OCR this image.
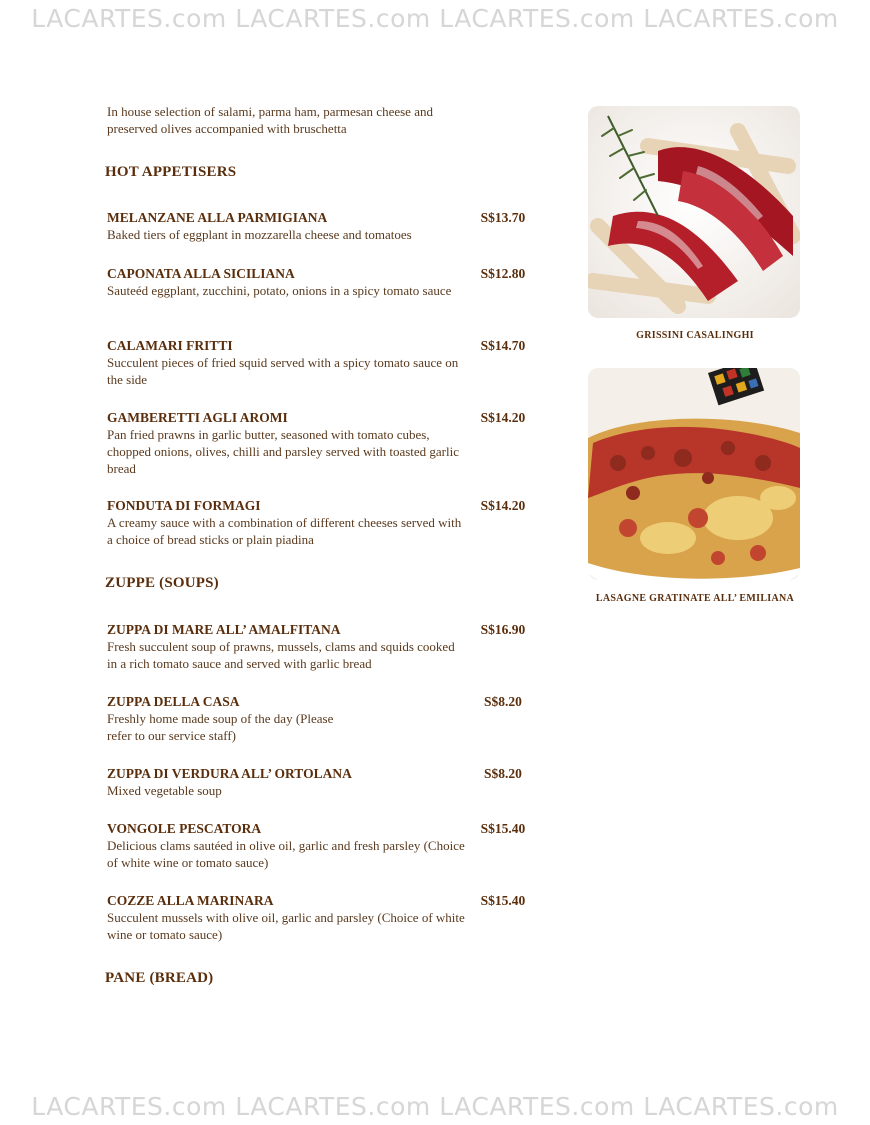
LACARTES.com LACARTES.com LACARTES.com LACARTES.com
In house selection of salami, parma ham, parmesan cheese and preserved olives accompanied with bruschetta
HOT APPETISERS
MELANZANE ALLA PARMIGIANA	S$13.70
Baked tiers of eggplant in mozzarella cheese and tomatoes
CAPONATA ALLA SICILIANA	S$12.80
Sauteéd eggplant, zucchini, potato, onions in a spicy tomato sauce
CALAMARI FRITTI	S$14.70
Succulent pieces of fried squid served with a spicy tomato sauce on the side
GAMBERETTI AGLI AROMI	S$14.20
Pan fried prawns in garlic butter, seasoned with tomato cubes, chopped onions, olives, chilli and parsley served with toasted garlic bread
FONDUTA DI FORMAGI	S$14.20
A creamy sauce with a combination of different cheeses served with a choice of bread sticks or plain piadina
ZUPPE (SOUPS)
ZUPPA DI MARE ALL’ AMALFITANA	S$16.90
Fresh succulent soup of prawns, mussels, clams and squids cooked in a rich tomato sauce and served with garlic bread
ZUPPA DELLA CASA	S$8.20
Freshly home made soup of the day (Please refer to our service staff)
ZUPPA DI VERDURA ALL’ ORTOLANA	S$8.20
Mixed vegetable soup
VONGOLE PESCATORA	S$15.40
Delicious clams sautéed in olive oil, garlic and fresh parsley (Choice of white wine or tomato sauce)
COZZE ALLA MARINARA	S$15.40
Succulent mussels with olive oil, garlic and parsley (Choice of white wine or tomato sauce)
PANE (BREAD)
GRISSINI CASALINGHI
LASAGNE GRATINATE ALL’ EMILIANA
LACARTES.com LACARTES.com LACARTES.com LACARTES.com
